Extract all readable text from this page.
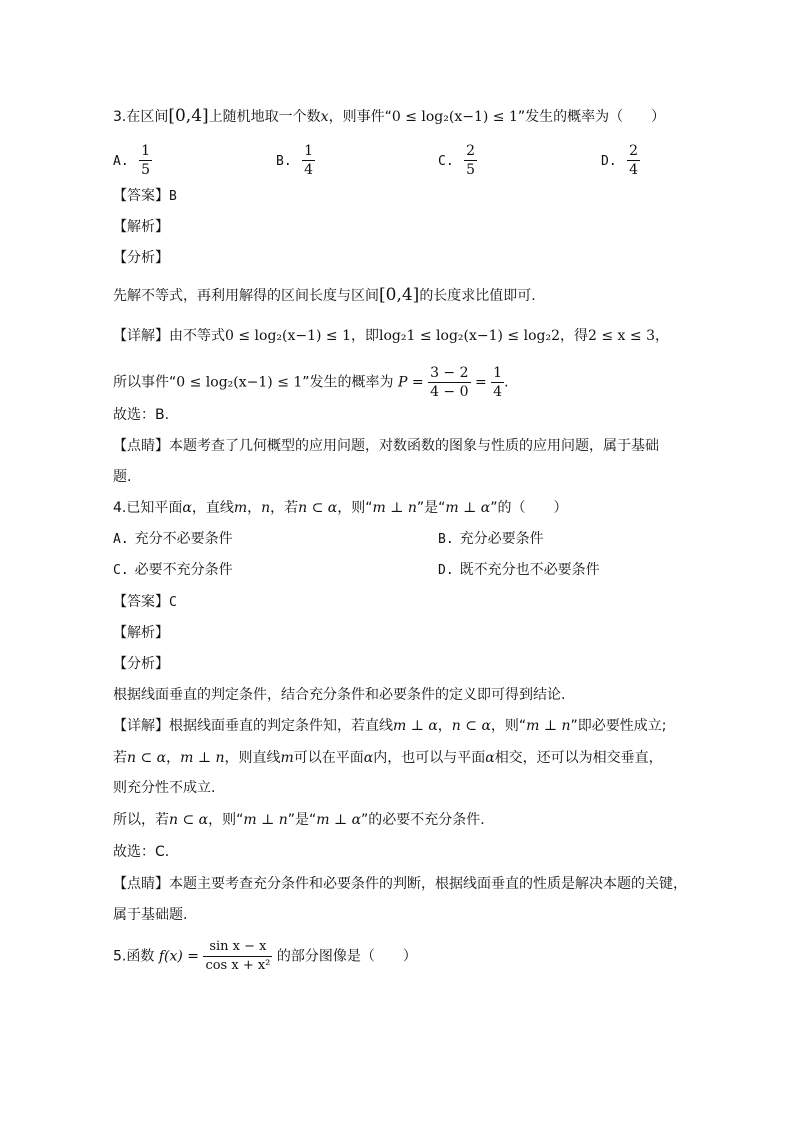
3.在区间[0,4]上随机地取一个数x，则事件“0 ≤ log₂(x−1) ≤ 1”发生的概率为（　　）
A. $\frac{1}{5}$	B. $\frac{1}{4}$	C. $\frac{2}{5}$	D. $\frac{2}{4}$
【答案】B
【解析】
【分析】
先解不等式，再利用解得的区间长度与区间[0,4]的长度求比值即可.
【详解】由不等式0 ≤ log₂(x−1) ≤ 1，即log₂1 ≤ log₂(x−1) ≤ log₂2，得2 ≤ x ≤ 3，
所以事件“0 ≤ log₂(x−1) ≤ 1”发生的概率为 $P = \frac{3 - 2}{4 - 0} = \frac{1}{4}$ .
故选：B.
【点睛】本题考查了几何概型的应用问题，对数函数的图象与性质的应用问题，属于基础
题.
4.已知平面α，直线m，n，若n ⊂ α，则“m ⊥ n”是“m ⊥ α”的（　　）
A. 充分不必要条件	B. 充分必要条件
C. 必要不充分条件	D. 既不充分也不必要条件
【答案】C
【解析】
【分析】
根据线面垂直的判定条件，结合充分条件和必要条件的定义即可得到结论.
【详解】根据线面垂直的判定条件知，若直线m ⊥ α，n ⊂ α，则“m ⊥ n”即必要性成立;
若n ⊂ α，m ⊥ n，则直线m可以在平面α内，也可以与平面α相交，还可以为相交垂直，
则充分性不成立.
所以，若n ⊂ α，则“m ⊥ n”是“m ⊥ α”的必要不充分条件.
故选：C.
【点睛】本题主要考查充分条件和必要条件的判断，根据线面垂直的性质是解决本题的关键，
属于基础题.
5.函数 $f(x) = \frac{\text{sin x − x}}{\text{cos x + x²}}$ 的部分图像是（　　）
